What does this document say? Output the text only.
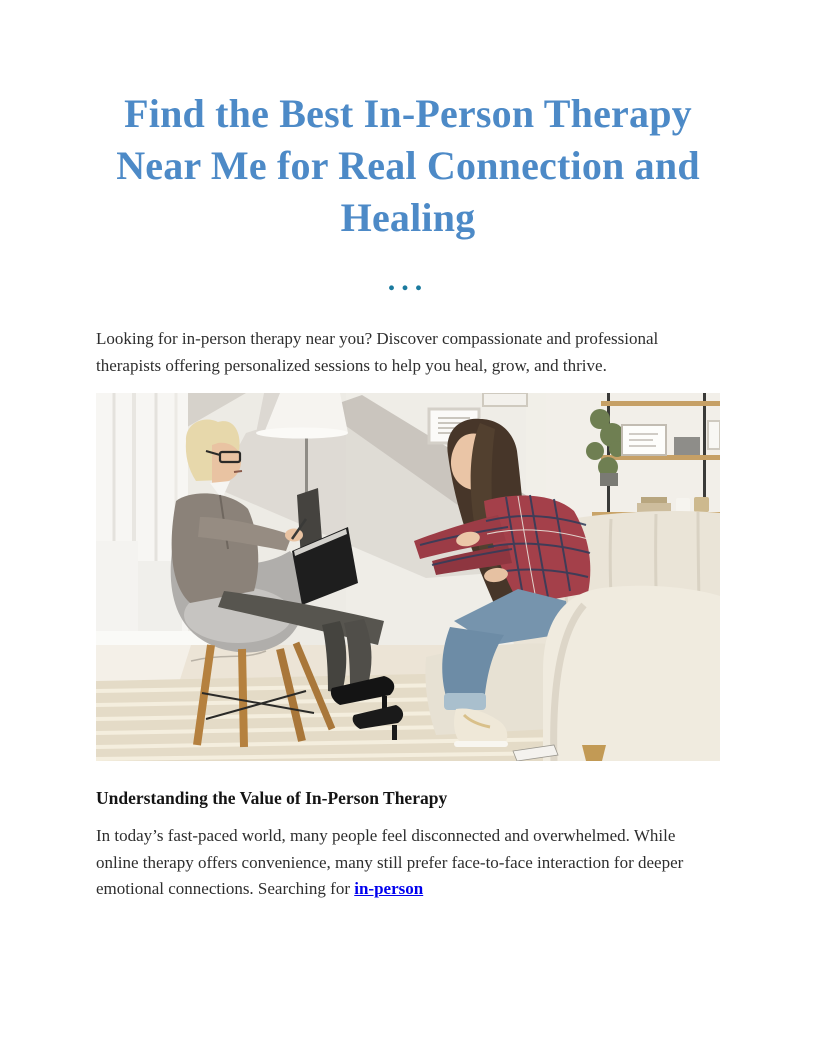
Find the Best In-Person Therapy Near Me for Real Connection and Healing
...

Looking for in-person therapy near you? Discover compassionate and professional therapists offering personalized sessions to help you heal, grow, and thrive.

Understanding the Value of In-Person Therapy

In today’s fast-paced world, many people feel disconnected and overwhelmed. While online therapy offers convenience, many still prefer face-to-face interaction for deeper emotional connections. Searching for in-person
